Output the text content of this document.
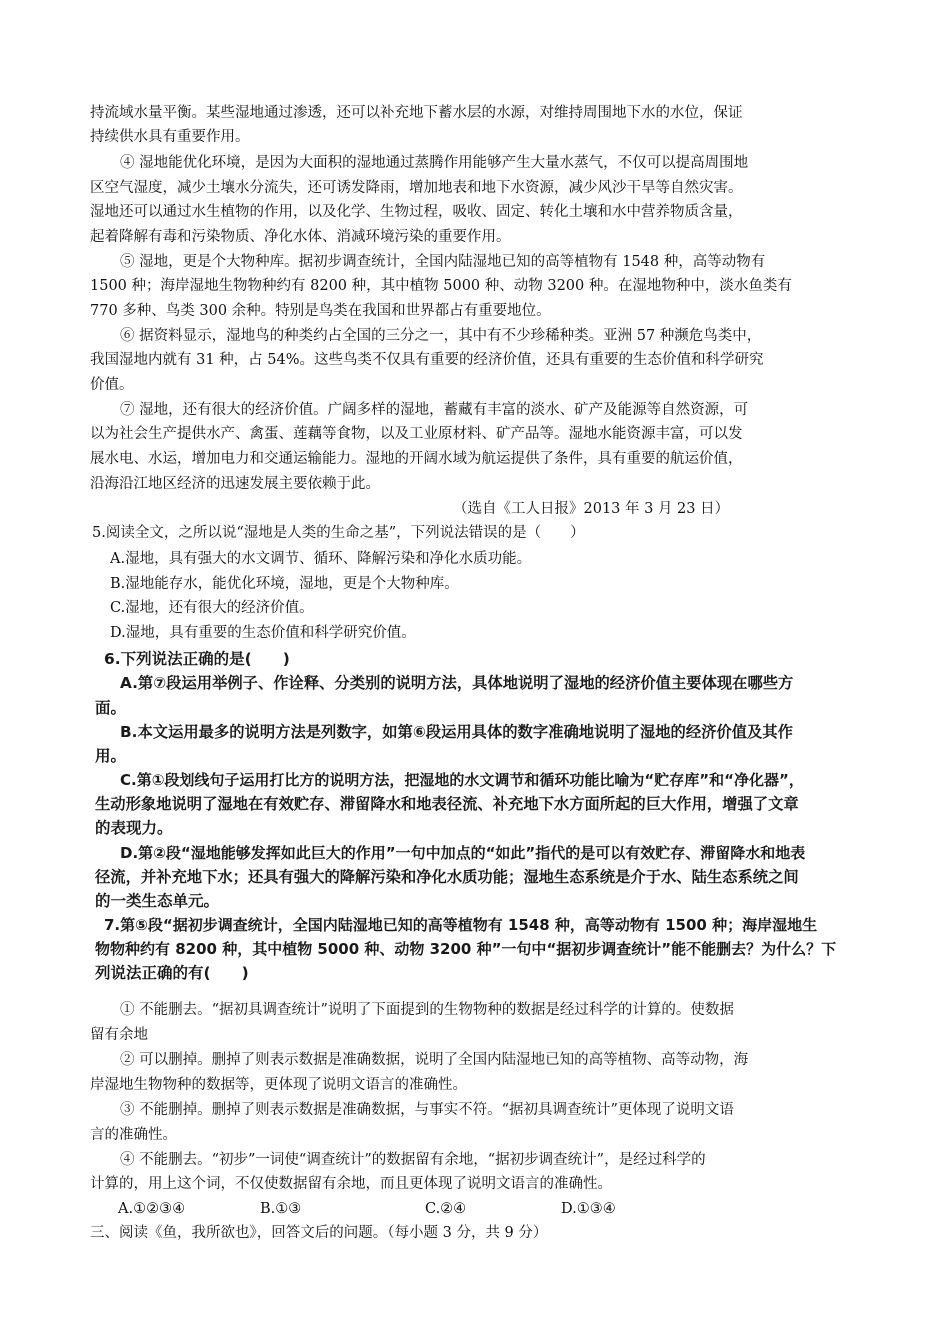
持流域水量平衡。某些湿地通过渗透，还可以补充地下蓄水层的水源，对维持周围地下水的水位，保证
持续供水具有重要作用。
④ 湿地能优化环境，是因为大面积的湿地通过蒸腾作用能够产生大量水蒸气，不仅可以提高周围地
区空气湿度，减少土壤水分流失，还可诱发降雨，增加地表和地下水资源，减少风沙干旱等自然灾害。
湿地还可以通过水生植物的作用，以及化学、生物过程，吸收、固定、转化土壤和水中营养物质含量，
起着降解有毒和污染物质、净化水体、消减环境污染的重要作用。
⑤ 湿地，更是个大物种库。据初步调查统计，全国内陆湿地已知的高等植物有 1548 种，高等动物有
1500 种；海岸湿地生物物种约有 8200 种，其中植物 5000 种、动物 3200 种。在湿地物种中，淡水鱼类有
770 多种、鸟类 300 余种。特别是鸟类在我国和世界都占有重要地位。
⑥ 据资料显示，湿地鸟的种类约占全国的三分之一，其中有不少珍稀种类。亚洲 57 种濒危鸟类中，
我国湿地内就有 31 种，占 54%。这些鸟类不仅具有重要的经济价值，还具有重要的生态价值和科学研究
价值。
⑦ 湿地，还有很大的经济价值。广阔多样的湿地，蓄藏有丰富的淡水、矿产及能源等自然资源，可
以为社会生产提供水产、禽蛋、莲藕等食物，以及工业原材料、矿产品等。湿地水能资源丰富，可以发
展水电、水运，增加电力和交通运输能力。湿地的开阔水域为航运提供了条件，具有重要的航运价值，
沿海沿江地区经济的迅速发展主要依赖于此。
（选自《工人日报》2013 年 3 月 23 日）
5.阅读全文，之所以说“湿地是人类的生命之基”，下列说法错误的是（　　）
A.湿地，具有强大的水文调节、循环、降解污染和净化水质功能。
B.湿地能存水，能优化环境，湿地，更是个大物种库。
C.湿地，还有很大的经济价值。
D.湿地，具有重要的生态价值和科学研究价值。
6.下列说法正确的是(　　)
A.第⑦段运用举例子、作诠释、分类别的说明方法，具体地说明了湿地的经济价值主要体现在哪些方
面。
B.本文运用最多的说明方法是列数字，如第⑥段运用具体的数字准确地说明了湿地的经济价值及其作
用。
C.第①段划线句子运用打比方的说明方法，把湿地的水文调节和循环功能比喻为“贮存库”和“净化器”，
生动形象地说明了湿地在有效贮存、滞留降水和地表径流、补充地下水方面所起的巨大作用，增强了文章
的表现力。
D.第②段“湿地能够发挥如此巨大的作用”一句中加点的“如此”指代的是可以有效贮存、滞留降水和地表
径流，并补充地下水；还具有强大的降解污染和净化水质功能；湿地生态系统是介于水、陆生态系统之间
的一类生态单元。
7.第⑤段“据初步调查统计，全国内陆湿地已知的高等植物有 1548 种，高等动物有 1500 种；海岸湿地生
物物种约有 8200 种，其中植物 5000 种、动物 3200 种”一句中“据初步调查统计”能不能删去？为什么？下
列说法正确的有(　　)
① 不能删去。“据初具调查统计”说明了下面提到的生物物种的数据是经过科学的计算的。使数据
留有余地
② 可以删掉。删掉了则表示数据是准确数据，说明了全国内陆湿地已知的高等植物、高等动物，海
岸湿地生物物种的数据等，更体现了说明文语言的准确性。
③ 不能删掉。删掉了则表示数据是准确数据，与事实不符。“据初具调查统计”更体现了说明文语
言的准确性。
④ 不能删去。“初步”一词使“调查统计”的数据留有余地，“据初步调查统计”，是经过科学的
计算的，用上这个词，不仅使数据留有余地，而且更体现了说明文语言的准确性。
A.①②③④	B.①③	C.②④	D.①③④
三、阅读《鱼，我所欲也》，回答文后的问题。（每小题 3 分，共 9 分）
